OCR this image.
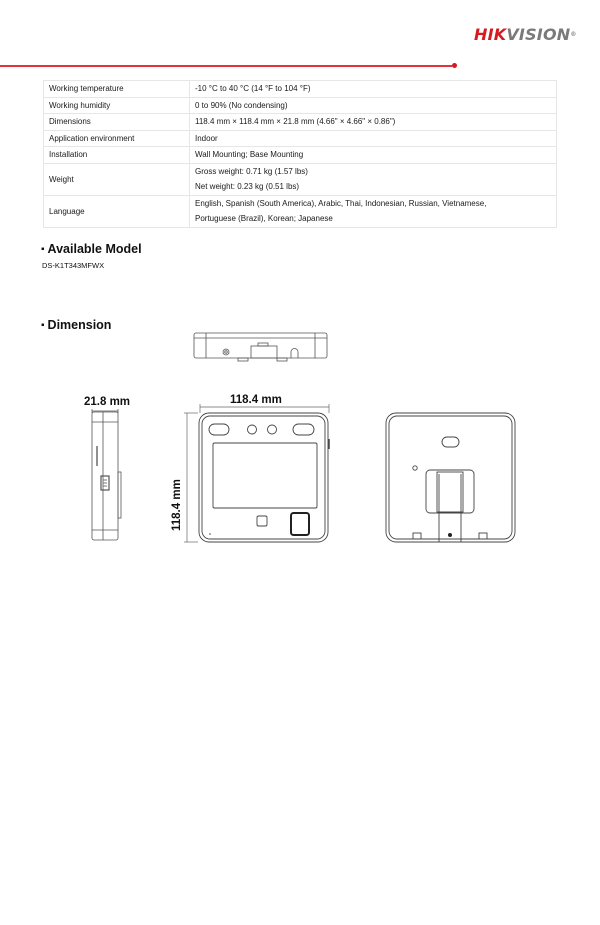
HIKVISION®
Working temperature	-10 °C to 40 °C (14 °F to 104 °F)

Working humidity	0 to 90% (No condensing)

Dimensions	118.4 mm × 118.4 mm × 21.8 mm (4.66" × 4.66" × 0.86")

Application environment	Indoor

Installation	Wall Mounting; Base Mounting

Weight	Gross weight: 0.71 kg (1.57 lbs)
Net weight: 0.23 kg (0.51 lbs)

Language	English, Spanish (South America), Arabic, Thai, Indonesian, Russian, Vietnamese,
Portuguese (Brazil), Korean; Japanese
▪ Available Model
DS-K1T343MFWX
▪ Dimension
21.8 mm	118.4 mm
118.4 mm
